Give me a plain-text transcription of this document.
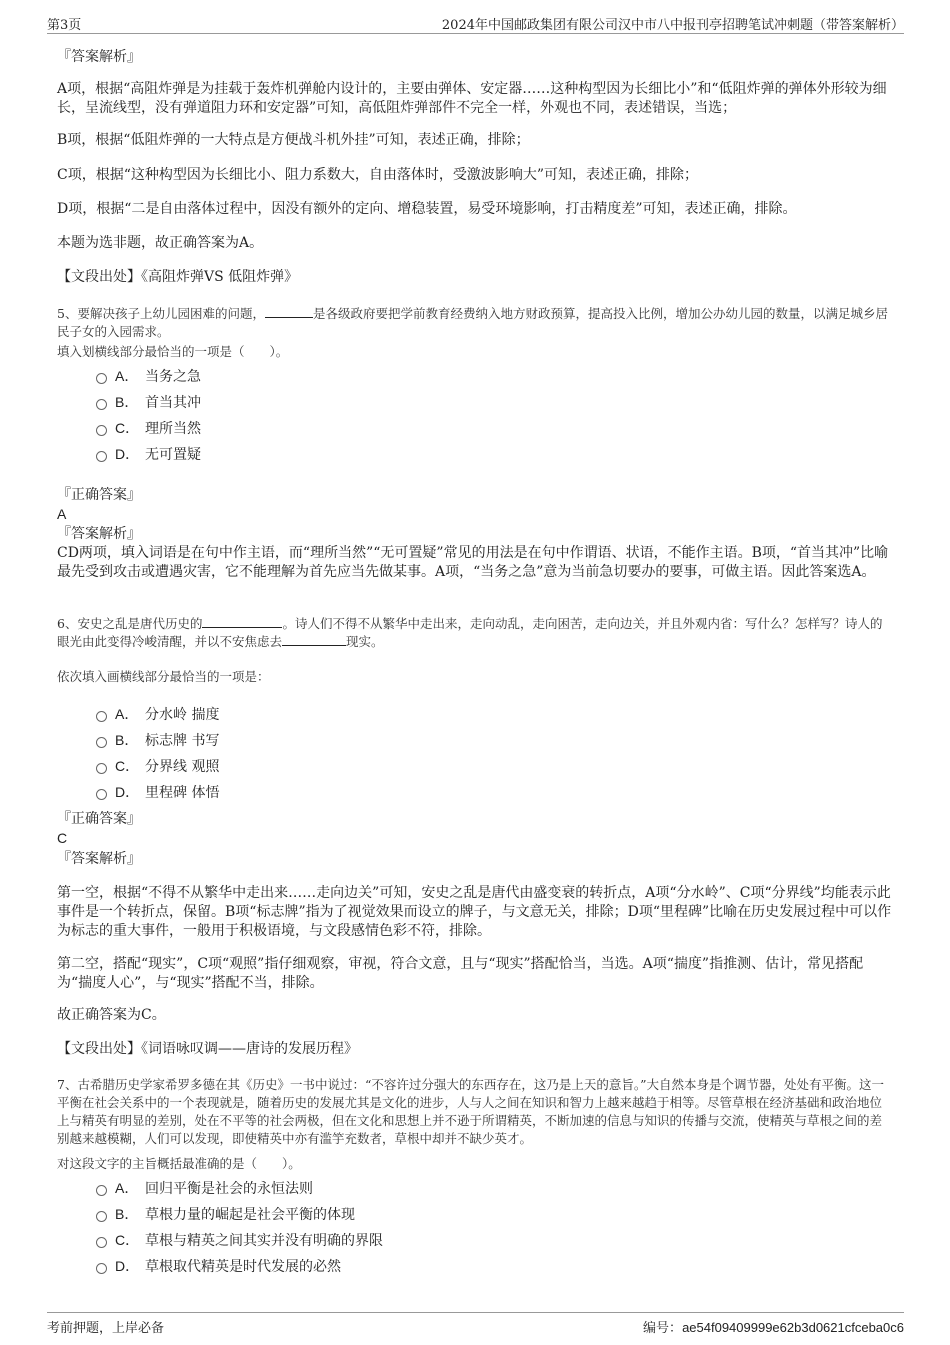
第3页	2024年中国邮政集团有限公司汉中市八中报刊亭招聘笔试冲刺题（带答案解析）
『答案解析』
A项，根据“高阻炸弹是为挂载于轰炸机弹舱内设计的，主要由弹体、安定器……这种构型因为长细比小”和“低阻炸弹的弹体外形较为细长，呈流线型，没有弹道阻力环和安定器”可知，高低阻炸弹部件不完全一样，外观也不同，表述错误，当选；
B项，根据“低阻炸弹的一大特点是方便战斗机外挂”可知，表述正确，排除；
C项，根据“这种构型因为长细比小、阻力系数大，自由落体时，受激波影响大”可知，表述正确，排除；
D项，根据“二是自由落体过程中，因没有额外的定向、增稳装置，易受环境影响，打击精度差”可知，表述正确，排除。
本题为选非题，故正确答案为A。
【文段出处】《高阻炸弹VS 低阻炸弹》
5、要解决孩子上幼儿园困难的问题，	是各级政府要把学前教育经费纳入地方财政预算，提高投入比例，增加公办幼儿园的数量，以满足城乡居民子女的入园需求。
填入划横线部分最恰当的一项是（　　）。
A． 当务之急
B． 首当其冲
C． 理所当然
D． 无可置疑
『正确答案』
A
『答案解析』
CD两项，填入词语是在句中作主语，而“理所当然”“无可置疑”常见的用法是在句中作谓语、状语，不能作主语。B项，“首当其冲”比喻最先受到攻击或遭遇灾害，它不能理解为首先应当先做某事。A项，“当务之急”意为当前急切要办的要事，可做主语。因此答案选A。
6、安史之乱是唐代历史的	。诗人们不得不从繁华中走出来，走向动乱，走向困苦，走向边关，并且外观内省：写什么？怎样写？诗人的眼光由此变得冷峻清醒，并以不安焦虑去	现实。
依次填入画横线部分最恰当的一项是：
A． 分水岭 揣度
B． 标志牌 书写
C． 分界线 观照
D． 里程碑 体悟
『正确答案』
C
『答案解析』
第一空，根据“不得不从繁华中走出来……走向边关”可知，安史之乱是唐代由盛变衰的转折点，A项“分水岭”、C项“分界线”均能表示此事件是一个转折点，保留。B项“标志牌”指为了视觉效果而设立的牌子，与文意无关，排除；D项“里程碑”比喻在历史发展过程中可以作为标志的重大事件，一般用于积极语境，与文段感情色彩不符，排除。
第二空，搭配“现实”，C项“观照”指仔细观察，审视，符合文意，且与“现实”搭配恰当，当选。A项“揣度”指推测、估计，常见搭配为“揣度人心”，与“现实”搭配不当，排除。
故正确答案为C。
【文段出处】《词语咏叹调——唐诗的发展历程》
7、古希腊历史学家希罗多德在其《历史》一书中说过：“不容许过分强大的东西存在，这乃是上天的意旨。”大自然本身是个调节器，处处有平衡。这一平衡在社会关系中的一个表现就是，随着历史的发展尤其是文化的进步，人与人之间在知识和智力上越来越趋于相等。尽管草根在经济基础和政治地位上与精英有明显的差别，处在不平等的社会两极，但在文化和思想上并不逊于所谓精英，不断加速的信息与知识的传播与交流，使精英与草根之间的差别越来越模糊，人们可以发现，即使精英中亦有滥竽充数者，草根中却并不缺少英才。
对这段文字的主旨概括最准确的是（　　）。
A． 回归平衡是社会的永恒法则
B． 草根力量的崛起是社会平衡的体现
C． 草根与精英之间其实并没有明确的界限
D． 草根取代精英是时代发展的必然
考前押题，上岸必备	编号：ae54f09409999e62b3d0621cfceba0c6
